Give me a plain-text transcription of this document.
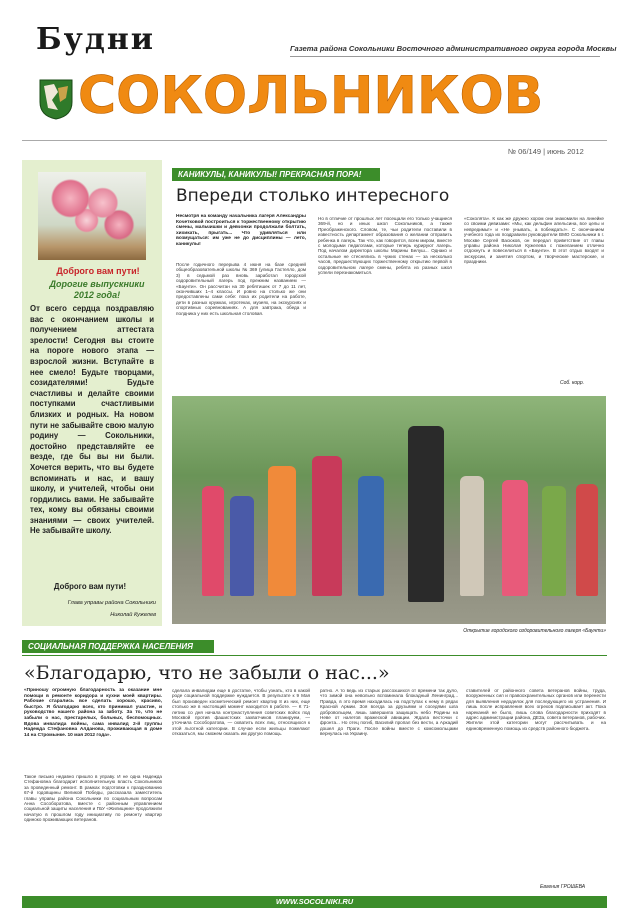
Будни
СОКОЛЬНИКОВ
Газета района Сокольники Восточного административного округа города Москвы
№ 06/149 | июнь 2012
Доброго вам пути!
Дорогие выпускники 2012 года!
От всего сердца поздравляю вас с окончанием школы и получением аттестата зрелости! Сегодня вы стоите на пороге нового этапа — взрослой жизни. Вступайте в нее смело! Будьте творцами, созидателями! Будьте счастливы и делайте своими поступками счастливыми близких и родных. На новом пути не забывайте свою малую родину — Сокольники, достойно представляйте ее везде, где бы вы ни были. Хочется верить, что вы будете вспоминать и нас, и вашу школу, и учителей, чтобы они гордились вами. Не забывайте тех, кому вы обязаны своими знаниями — своих учителей. Не забывайте школу.
Доброго вам пути!
Глава управы района Сокольники
Николай Кужелев
КАНИКУЛЫ, КАНИКУЛЫ! ПРЕКРАСНАЯ ПОРА!
Впереди столько интересного
Несмотря на команду начальника лагеря Александры Кочетковой построиться к торжественному открытию смены, мальчишки и девчонки продолжали болтать, хихикать, прыгать... Что удивляться или возмущаться: им уже не до дисциплины — лето, каникулы!
После годичного перерыва 4 июня на базе средней общеобразовательной школы № 369 (улица Гастелло, дом 3) в седьмой раз вновь заработал городской оздоровительный лагерь под прежним названием — «Баунти». Он рассчитан на 30 ребятишек от 7 до 11 лет, окончивших 1–4 классы. И ровно на столько же они предоставлены сами себе: пока их родители на работе, дети в разных кружках, игротеках, музеях, на экскурсиях и спортивных соревнованиях. А для завтрака, обеда и полдника у них есть школьная столовая.
Но в отличие от прошлых лет посещали его только учащиеся 369-й, но и иных школ Сокольников, а также Преображенского. Словом, те, чьи родители поставили в известность департамент образования о желании отправить ребенка в лагерь. Так что, как говорится, всем миром, вместе с молодыми педагогами, которые теперь курируют лагерь. Под началом директора школы Марины Белуш... Однако и остальные не стеснялись в чужих стенах — за несколько часов, предшествующих торжественному открытию первой в оздоровительном лагере смены, ребята из разных школ успели перезнакомиться.
«Соколята». К как же дружно хором они знакомили на линейке со своими девизами: «Мы, как дельфин апельсина, все целы и невредимы!» и «Не унывать, а побеждать!». С окончанием учебного года их поздравили руководители ВМО Сокольники в г. Москве Сергей Васюков, он передал приветствие от главы управы района Николая Кужелева с пожеланием отлично отдохнуть и повеселиться в «Баунти». В этот отдых входят и экскурсии, и занятия спортом, и творческие мастерские, и праздники.
Соб. корр.
Открытие городского оздоровительного лагеря «Баунти»
СОЦИАЛЬНАЯ ПОДДЕРЖКА НАСЕЛЕНИЯ
«Благодарю, что не забыли о нас...»
«Приношу огромную благодарность за оказание мне помощи в ремонте коридора и кухни моей квартиры. Рабочие старались все сделать хорошо, красиво, быстро. Я благодарю всех, кто принимал участие, и руководство нашего района за заботу. За то, что не забыли о нас, престарелых, больных, беспомощных. Вдова инвалида войны, сама инвалид 2-й группы Надежда Стефановна Алданова, проживающая в доме 14 на Стромынке. 10 мая 2012 года».
Такое письмо недавно пришло в управу. И не одна Надежда Стефановна благодарит исполнительную власть Сокольников за проведенный ремонт. В рамках подготовки к празднованию 67-й годовщины Великой Победы, рассказала заместитель главы управы района Сокольники по социальным вопросам Анна Сособоратова, вместе с районным управлением социальной защиты населения и ГБУ «Жилищник» продолжили начатую в прошлом году инициативу по ремонту квартир одиноко проживающих ветеранов.
сделала инвалидам еще в достатке, чтобы узнать, кто в какой роде социальной поддержке нуждается. В результате к 9 Мая был произведен косметический ремонт квартир 8 из них, еще столько же в настоящий момент находится в работе. — К 71-летию со дня начала контрнаступления советских войск под Москвой против фашистских захватчиков планируем, — уточнила Сособоратова, — охватить всех лиц, относящихся к этой льготной категории. В случае если жильцы пожелают отказаться, мы сможем оказать им другую помощь.
ратно. А то ведь из старых рассохшихся от времени так дуло, что зимой она невольно вспоминала блокадный Ленинград... Правда, в это время находилась на подступах к нему в рядах Красной Армии. Зоя всегда за друзьями и соседями шла добровольцем, лишь завершила защищать небо Родины на Неве от налетов вражеской авиации. Ждала весточки с фронта... Но отец погиб, Василий пропал без вести, а Аркадий дошел до Праги. После войны вместе с комсомольцами вернулась на Украину.
ставителей от районного совета ветеранов войны, труда, вооруженных сил и правоохранительных органов или перенести для выявления недоделок для последующего их устранения. И лишь после исправления всех огрехов подписывает акт. Пока нареканий не было, лишь слова благодарности приходят в адрес администрации района, ДЕЗа, совета ветеранов, рабочих. Жители этой категории могут рассчитывать и на единовременную помощь из средств районного бюджета.
Евгения ГРОШЕВА
WWW.SOCOLNIKI.RU
